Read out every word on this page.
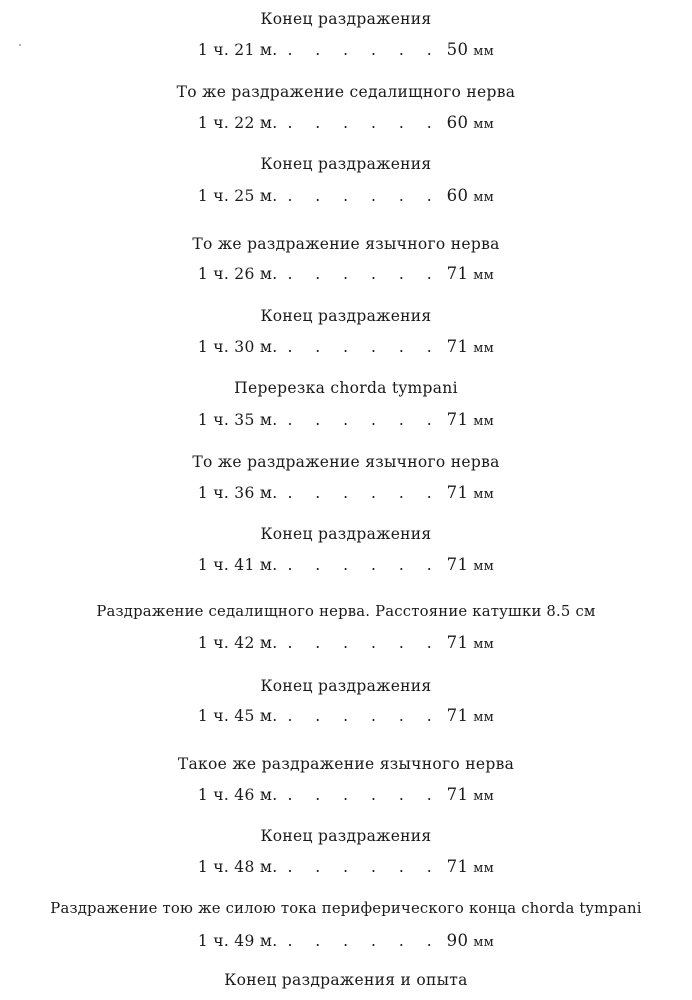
Конец раздражения
1 ч. 21 м. . . . . . . 50 мм
То же раздражение седалищного нерва
1 ч. 22 м. . . . . . . 60 мм
Конец раздражения
1 ч. 25 м. . . . . . . 60 мм
То же раздражение язычного нерва
1 ч. 26 м. . . . . . . 71 мм
Конец раздражения
1 ч. 30 м. . . . . . . 71 мм
Перерезка chorda tympani
1 ч. 35 м. . . . . . . 71 мм
То же раздражение язычного нерва
1 ч. 36 м. . . . . . . 71 мм
Конец раздражения
1 ч. 41 м. . . . . . . 71 мм
Раздражение седалищного нерва. Расстояние катушки 8.5 см
1 ч. 42 м. . . . . . . 71 мм
Конец раздражения
1 ч. 45 м. . . . . . . 71 мм
Такое же раздражение язычного нерва
1 ч. 46 м. . . . . . . 71 мм
Конец раздражения
1 ч. 48 м. . . . . . . 71 мм
Раздражение тою же силою тока периферического конца chorda tympani
1 ч. 49 м. . . . . . . 90 мм
Конец раздражения и опыта
